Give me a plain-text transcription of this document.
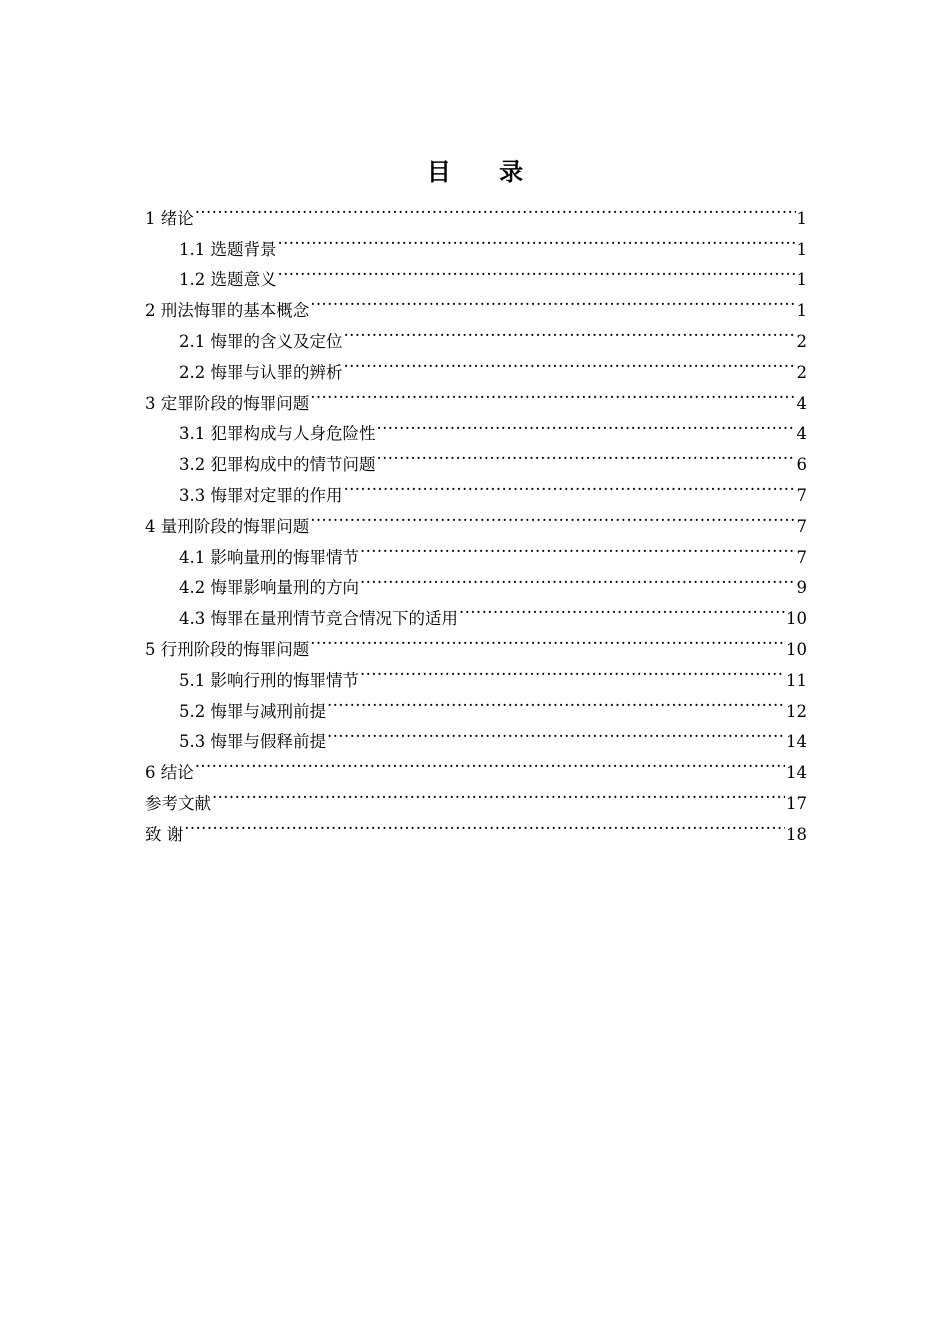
目 录
1 绪论 .....	1
1.1 选题背景 .....	1
1.2 选题意义 .....	1
2 刑法悔罪的基本概念 .....	1
2.1 悔罪的含义及定位 .....	2
2.2 悔罪与认罪的辨析 .....	2
3 定罪阶段的悔罪问题 .....	4
3.1 犯罪构成与人身危险性 .....	4
3.2 犯罪构成中的情节问题 .....	6
3.3 悔罪对定罪的作用 .....	7
4 量刑阶段的悔罪问题 .....	7
4.1 影响量刑的悔罪情节 .....	7
4.2 悔罪影响量刑的方向 .....	9
4.3 悔罪在量刑情节竞合情况下的适用 .....	10
5 行刑阶段的悔罪问题 .....	10
5.1 影响行刑的悔罪情节 .....	11
5.2 悔罪与减刑前提 .....	12
5.3 悔罪与假释前提 .....	14
6 结论 .....	14
参考文献 .....	17
致 谢 .....	18
